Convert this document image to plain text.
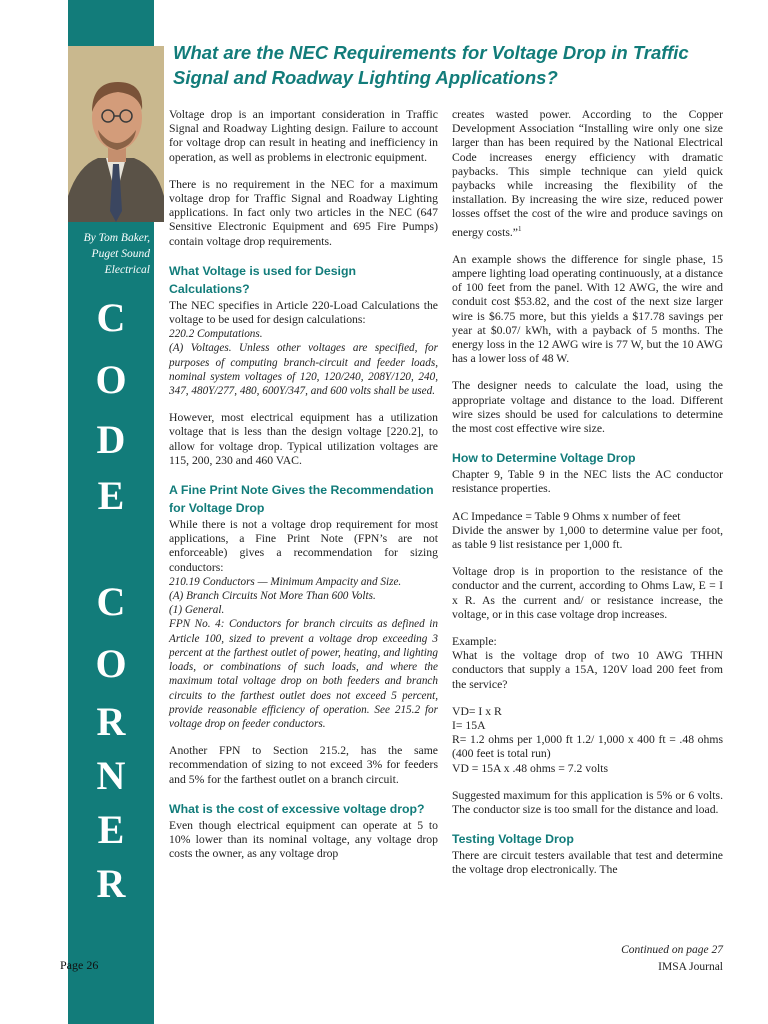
By Tom Baker,
Puget Sound
Electrical
C
O
D
E
C
O
R
N
E
R
What are the NEC Requirements for Voltage Drop in Traffic Signal and Roadway Lighting Applications?

Voltage drop is an important consideration in Traffic Signal and Roadway Lighting design. Failure to account for voltage drop can result in heating and inefficiency in operation, as well as problems in electronic equipment.

There is no requirement in the NEC for a maximum voltage drop for Traffic Signal and Roadway Lighting applications. In fact only two articles in the NEC (647 Sensitive Electronic Equipment and 695 Fire Pumps) contain voltage drop requirements.

What Voltage is used for Design Calculations?

The NEC specifies in Article 220-Load Calculations the voltage to be used for design calculations:

220.2 Computations.

(A) Voltages. Unless other voltages are specified, for purposes of computing branch-circuit and feeder loads, nominal system voltages of 120, 120/240, 208Y/120, 240, 347, 480Y/277, 480, 600Y/347, and 600 volts shall be used.

However, most electrical equipment has a utilization voltage that is less than the design voltage [220.2], to allow for voltage drop. Typical utilization voltages are 115, 200, 230 and 460 VAC.

A Fine Print Note Gives the Recommendation for Voltage Drop

While there is not a voltage drop requirement for most applications, a Fine Print Note (FPN’s are not enforceable) gives a recommendation for sizing conductors:

210.19 Conductors — Minimum Ampacity and Size.

(A) Branch Circuits Not More Than 600 Volts.

(1) General.

FPN No. 4: Conductors for branch circuits as defined in Article 100, sized to prevent a voltage drop exceeding 3 percent at the farthest outlet of power, heating, and lighting loads, or combinations of such loads, and where the maximum total voltage drop on both feeders and branch circuits to the farthest outlet does not exceed 5 percent, provide reasonable efficiency of operation. See 215.2 for voltage drop on feeder conductors.

Another FPN to Section 215.2, has the same recommendation of sizing to not exceed 3% for feeders and 5% for the farthest outlet on a branch circuit.

What is the cost of excessive voltage drop?

Even though electrical equipment can operate at 5 to 10% lower than its nominal voltage, any voltage drop costs the owner, as any voltage drop

creates wasted power. According to the Copper Development Association “Installing wire only one size larger than has been required by the National Electrical Code increases energy efficiency with dramatic paybacks. This simple technique can yield quick paybacks while increasing the flexibility of the installation. By increasing the wire size, reduced power losses offset the cost of the wire and produce savings on energy costs.”$^1$

An example shows the difference for single phase, 15 ampere lighting load operating continuously, at a distance of 100 feet from the panel. With 12 AWG, the wire and conduit cost $53.82, and the cost of the next size larger wire is $6.75 more, but this yields a $17.78 savings per year at $0.07/ kWh, with a payback of 5 months. The energy loss in the 12 AWG wire is 77 W, but the 10 AWG has a lower loss of 48 W.

The designer needs to calculate the load, using the appropriate voltage and distance to the load. Different wire sizes should be used for calculations to determine the most cost effective wire size.

How to Determine Voltage Drop

Chapter 9, Table 9 in the NEC lists the AC conductor resistance properties.

AC Impedance = Table 9 Ohms x number of feet

Divide the answer by 1,000 to determine value per foot, as table 9 list resistance per 1,000 ft.

Voltage drop is in proportion to the resistance of the conductor and the current, according to Ohms Law, E = I x R. As the current and/ or resistance increase, the voltage, or in this case voltage drop increases.

Example:

What is the voltage drop of two 10 AWG THHN conductors that supply a 15A, 120V load 200 feet from the service?

VD= I x R

I= 15A

R= 1.2 ohms per 1,000 ft 1.2/ 1,000 x 400 ft = .48 ohms (400 feet is total run)

VD = 15A x .48 ohms = 7.2 volts

Suggested maximum for this application is 5% or 6 volts. The conductor size is too small for the distance and load.

Testing Voltage Drop

There are circuit testers available that test and determine the voltage drop electronically. The

Page 26
Continued on page 27
IMSA Journal
